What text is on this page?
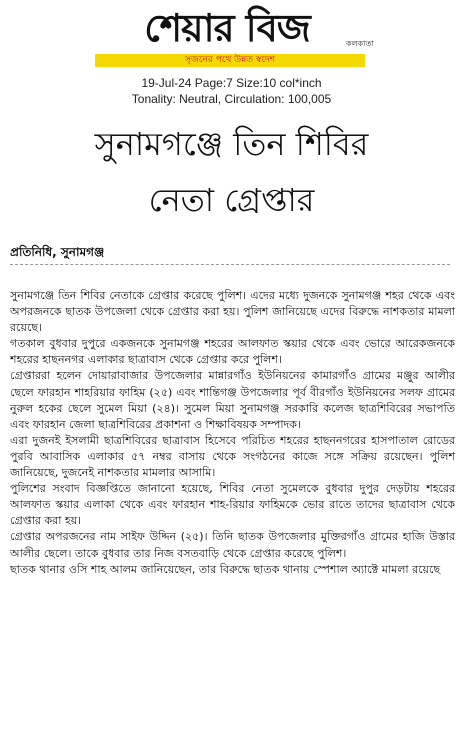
শেয়ার বিজ	কলকাতা
সৃজনের পথে উন্নত স্বদেশ
19-Jul-24 Page:7 Size:10 col*inch
Tonality: Neutral, Circulation: 100,005
সুনামগঞ্জে তিন শিবির
নেতা গ্রেপ্তার
প্রতিনিধি, সুনামগঞ্জ

সুনামগঞ্জে তিন শিবির নেতাকে গ্রেপ্তার করেছে পুলিশ। এদের মধ্যে দুজনকে সুনামগঞ্জ শহর থেকে এবং অপরজনকে ছাতক উপজেলা থেকে গ্রেপ্তার করা হয়। পুলিশ জানিয়েছে এদের বিরুদ্ধে নাশকতার মামলা রয়েছে।

গতকাল বুধবার দুপুরে একজনকে সুনামগঞ্জ শহরের আলফাত স্কয়ার থেকে এবং ভোরে আরেকজনকে শহরের হাছননগর এলাকার ছাত্রাবাস থেকে গ্রেপ্তার করে পুলিশ।

গ্রেপ্তাররা হলেন দোয়ারাবাজার উপজেলার মান্নারগাঁও ইউনিয়নের কামারগাঁও গ্রামের মঞ্জুর আলীর ছেলে ফারহান শাহরিয়ার ফাহিম (২৫) এবং শান্তিগঞ্জ উপজেলার পূর্ব বীরগাঁও ইউনিয়নের সলফ গ্রামের নুরুল হকের ছেলে সুমেল মিয়া (২৪)। সুমেল মিয়া সুনামগঞ্জ সরকারি কলেজ ছাত্রশিবিরের সভাপতি এবং ফারহান জেলা ছাত্রশিবিরের প্রকাশনা ও শিক্ষাবিষয়ক সম্পাদক।

এরা দুজনই ইসলামী ছাত্রশিবিরের ছাত্রাবাস হিসেবে পরিচিত শহরের হাছননগরের হাসপাতাল রোডের পুরবি আবাসিক এলাকার ৫৭ নম্বর বাসায় থেকে সংগঠনের কাজে সঙ্গে সক্রিয় রয়েছেন। পুলিশ জানিয়েছে, দুজনেই নাশকতার মামলার আসামি।

পুলিশের সংবাদ বিজ্ঞপ্তিতে জানানো হয়েছে, শিবির নেতা সুমেলকে বুধবার দুপুর দেড়টায় শহরের আলফাত স্কয়ার এলাকা থেকে এবং ফারহান শাহ-রিয়ার ফাহিমকে ভোর রাতে তাদের ছাত্রাবাস থেকে গ্রেপ্তার করা হয়।

গ্রেপ্তার অপরজনের নাম সাইফ উদ্দিন (২৫)। তিনি ছাতক উপজেলার মুক্তিরগাঁও গ্রামের হাজি উস্তার আলীর ছেলে। তাকে বুধবার তার নিজ বসতবাড়ি থেকে গ্রেপ্তার করেছে পুলিশ।

ছাতক থানার ওসি শাহ আলম জানিয়েছেন, তার বিরুদ্ধে ছাতক থানায় স্পেশাল অ্যাক্টে মামলা রয়েছে
